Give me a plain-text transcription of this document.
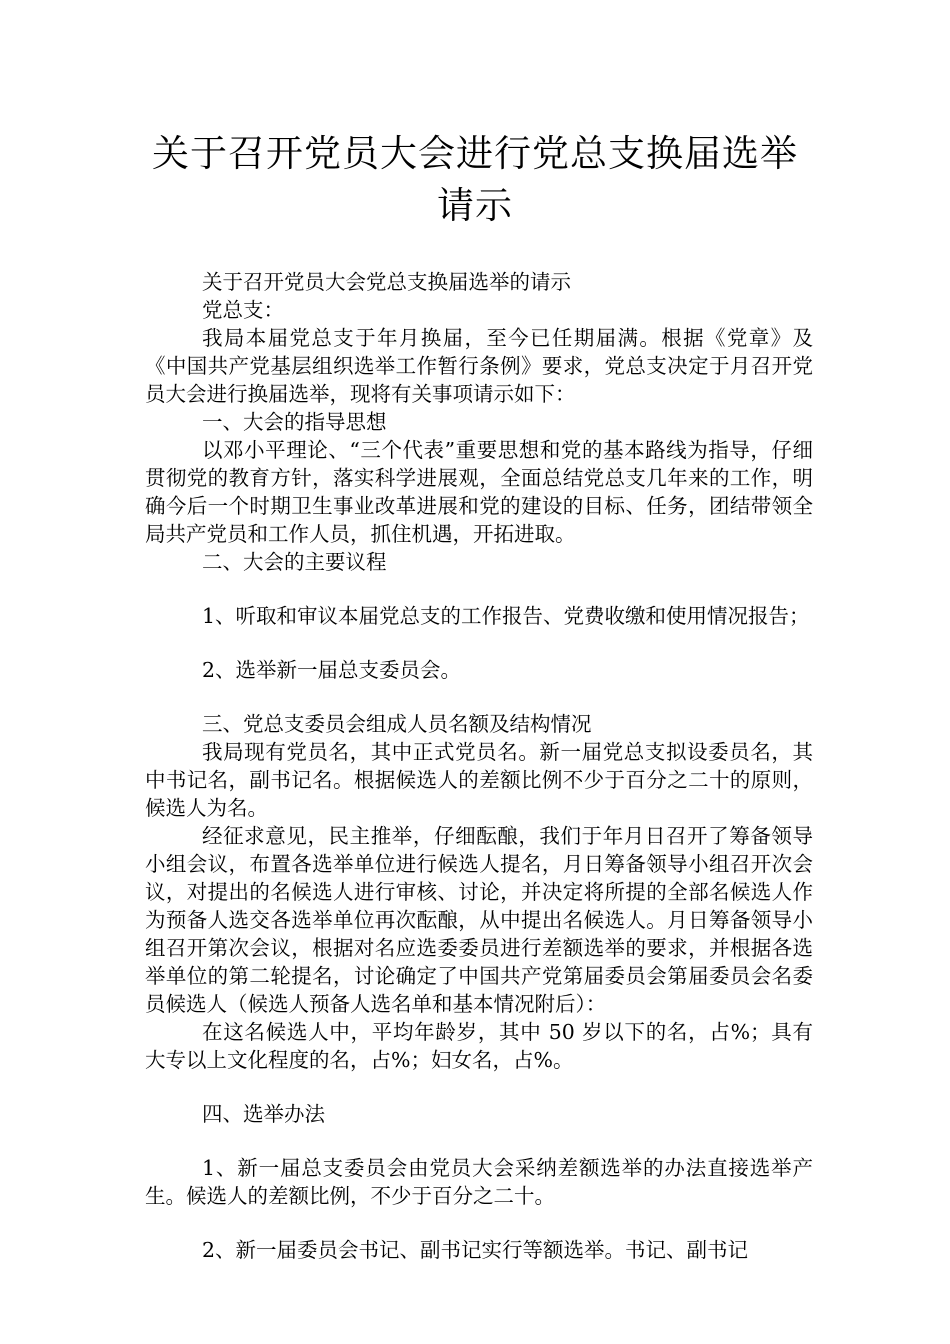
关于召开党员大会进行党总支换届选举请示

关于召开党员大会党总支换届选举的请示

党总支：

我局本届党总支于年月换届，至今已任期届满。根据《党章》及《中国共产党基层组织选举工作暂行条例》要求，党总支决定于月召开党员大会进行换届选举，现将有关事项请示如下：

一、大会的指导思想

以邓小平理论、“三个代表”重要思想和党的基本路线为指导，仔细贯彻党的教育方针，落实科学进展观，全面总结党总支几年来的工作，明确今后一个时期卫生事业改革进展和党的建设的目标、任务，团结带领全局共产党员和工作人员，抓住机遇，开拓进取。

二、大会的主要议程

1、听取和审议本届党总支的工作报告、党费收缴和使用情况报告；

2、选举新一届总支委员会。

三、党总支委员会组成人员名额及结构情况

我局现有党员名，其中正式党员名。新一届党总支拟设委员名，其中书记名，副书记名。根据候选人的差额比例不少于百分之二十的原则，候选人为名。

经征求意见，民主推举，仔细酝酿，我们于年月日召开了筹备领导小组会议，布置各选举单位进行候选人提名，月日筹备领导小组召开次会议，对提出的名候选人进行审核、讨论，并决定将所提的全部名候选人作为预备人选交各选举单位再次酝酿，从中提出名候选人。月日筹备领导小组召开第次会议，根据对名应选委委员进行差额选举的要求，并根据各选举单位的第二轮提名，讨论确定了中国共产党第届委员会第届委员会名委员候选人（候选人预备人选名单和基本情况附后）：

在这名候选人中，平均年龄岁，其中 50 岁以下的名，占%；具有大专以上文化程度的名，占%；妇女名，占%。

四、选举办法

1、新一届总支委员会由党员大会采纳差额选举的办法直接选举产生。候选人的差额比例，不少于百分之二十。

2、新一届委员会书记、副书记实行等额选举。书记、副书记
